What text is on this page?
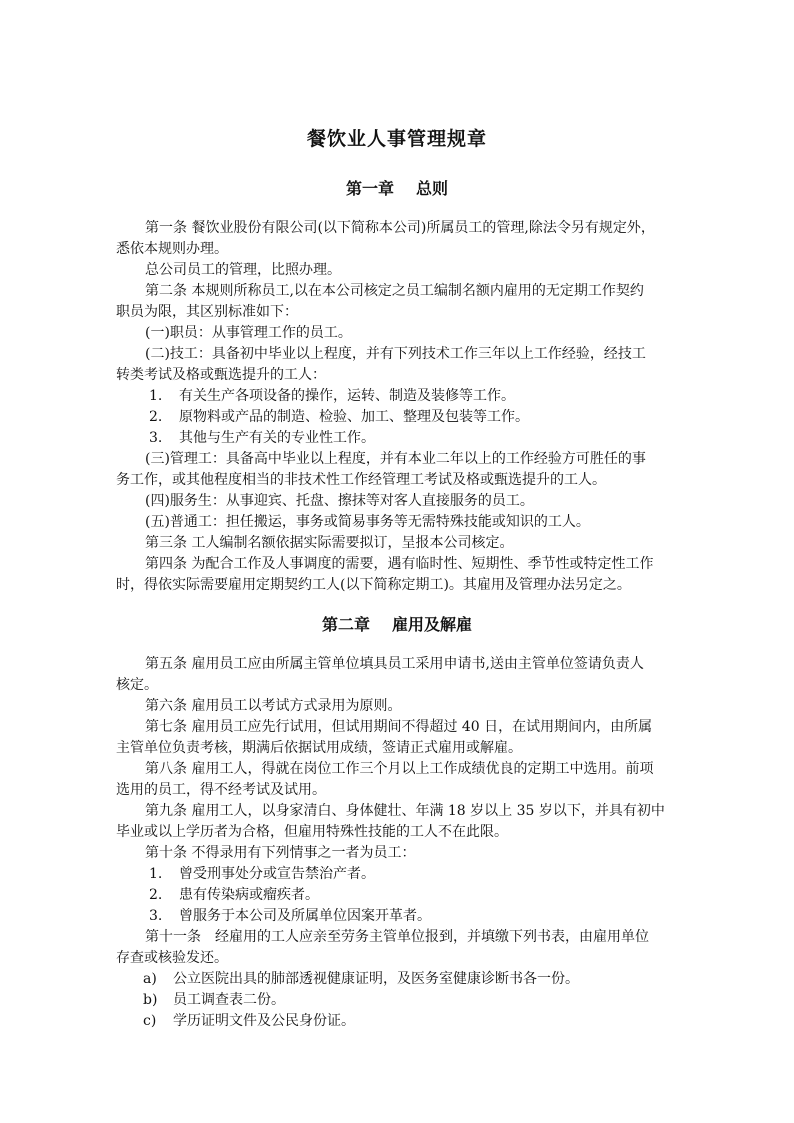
餐饮业人事管理规章
第一章 总则

第一条 餐饮业股份有限公司(以下简称本公司)所属员工的管理,除法令另有规定外，

悉依本规则办理。

总公司员工的管理，比照办理。

第二条 本规则所称员工,以在本公司核定之员工编制名额内雇用的无定期工作契约

职员为限，其区别标准如下：

(一)职员：从事管理工作的员工。

(二)技工：具备初中毕业以上程度，并有下列技术工作三年以上工作经验，经技工

转类考试及格或甄选提升的工人：

1. 有关生产各项设备的操作，运转、制造及装修等工作。

2. 原物料或产品的制造、检验、加工、整理及包装等工作。

3. 其他与生产有关的专业性工作。

(三)管理工：具备高中毕业以上程度，并有本业二年以上的工作经验方可胜任的事

务工作，或其他程度相当的非技术性工作经管理工考试及格或甄选提升的工人。

(四)服务生：从事迎宾、托盘、擦抹等对客人直接服务的员工。

(五)普通工：担任搬运，事务或简易事务等无需特殊技能或知识的工人。

第三条 工人编制名额依据实际需要拟订，呈报本公司核定。

第四条 为配合工作及人事调度的需要，遇有临时性、短期性、季节性或特定性工作

时，得依实际需要雇用定期契约工人(以下简称定期工)。其雇用及管理办法另定之。

第二章 雇用及解雇

第五条 雇用员工应由所属主管单位填具员工采用申请书,送由主管单位签请负责人

核定。

第六条 雇用员工以考试方式录用为原则。

第七条 雇用员工应先行试用，但试用期间不得超过 40 日，在试用期间内，由所属

主管单位负责考核，期满后依据试用成绩，签请正式雇用或解雇。

第八条 雇用工人，得就在岗位工作三个月以上工作成绩优良的定期工中选用。前项

选用的员工，得不经考试及试用。

第九条 雇用工人，以身家清白、身体健壮、年满 18 岁以上 35 岁以下，并具有初中

毕业或以上学历者为合格，但雇用特殊性技能的工人不在此限。

第十条 不得录用有下列情事之一者为员工：

1. 曾受刑事处分或宣告禁治产者。

2. 患有传染病或瘤疾者。

3. 曾服务于本公司及所属单位因案开革者。

第十一条　经雇用的工人应亲至劳务主管单位报到，并填缴下列书表，由雇用单位

存查或核验发还。

a) 公立医院出具的肺部透视健康证明，及医务室健康诊断书各一份。

b) 员工调查表二份。

c) 学历证明文件及公民身份证。
